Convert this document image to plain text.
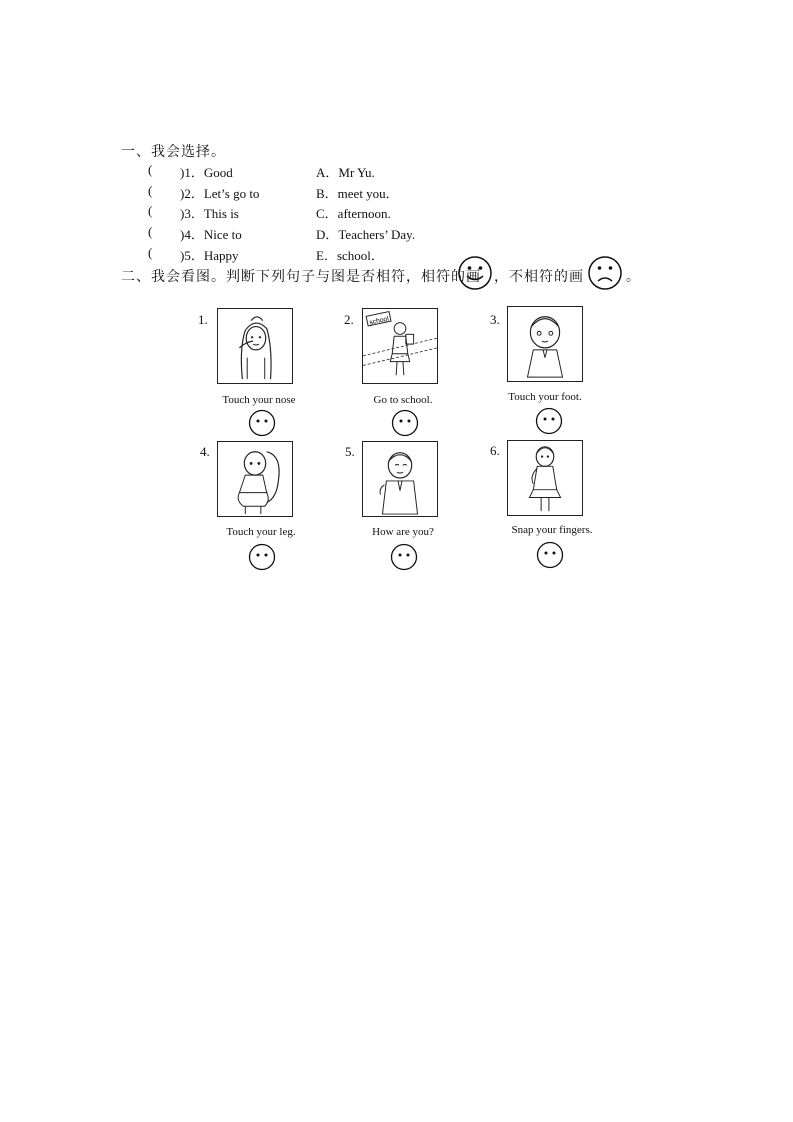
一、我会选择。
( )1．Good	A．Mr Yu.
( )2．Let’s go to	B．meet you．
( )3．This is	C．afternoon.
( )4．Nice to	D．Teachers’ Day.
( )5．Happy	E．school．
二、我会看图。判断下列句子与图是否相符，相符的画 ，不相符的画	。
1.
Touch your nose
2. school
Go to school.
3.
Touch your foot.
4.
Touch your leg.
5.
How are you?
6.
Snap your fingers.
